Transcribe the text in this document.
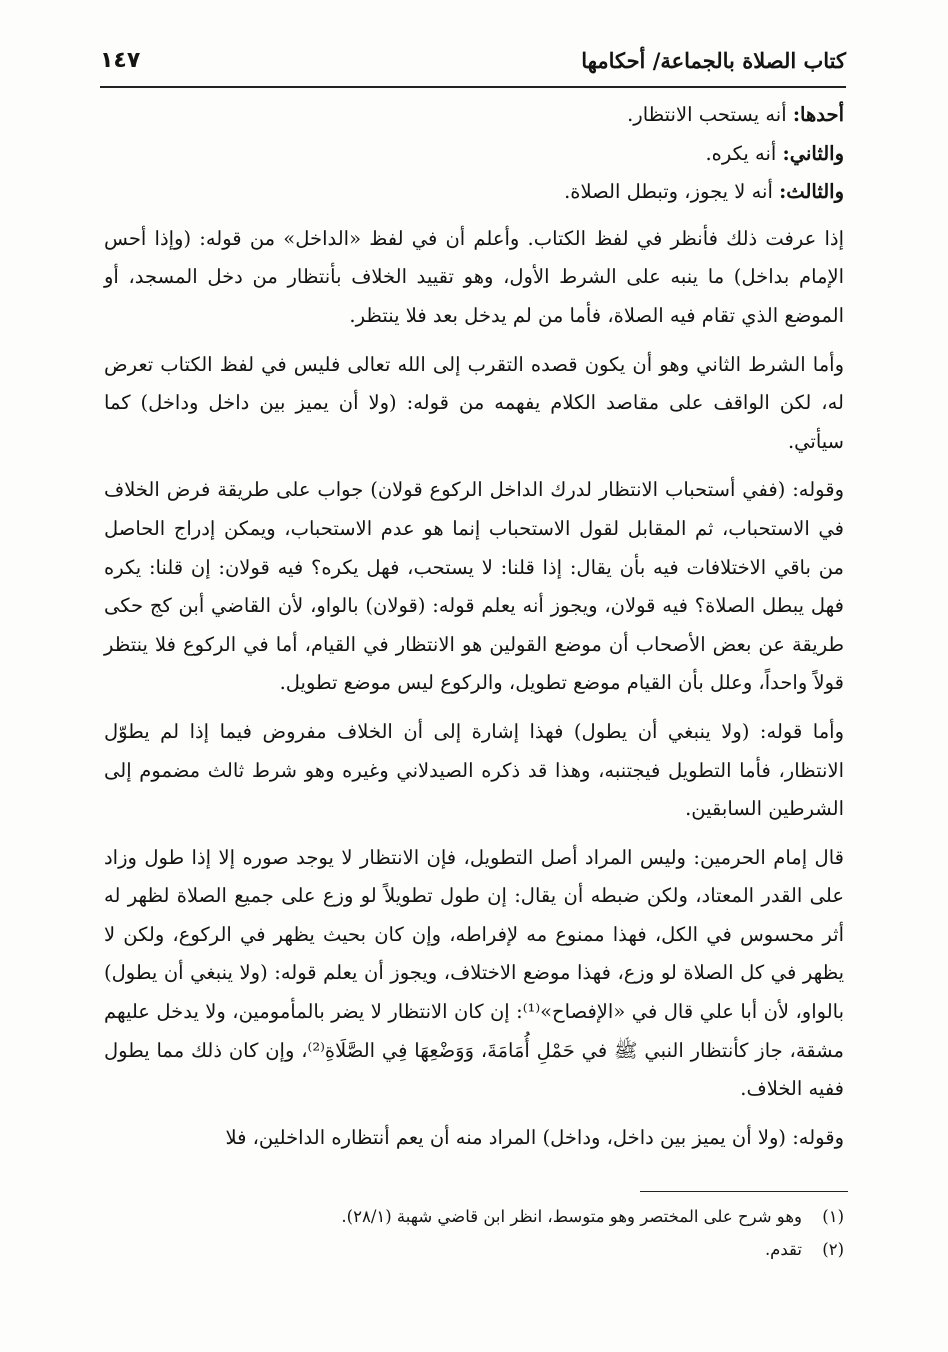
كتاب الصلاة بالجماعة/ أحكامها
١٤٧

أحدها: أنه يستحب الانتظار.

والثاني: أنه يكره.

والثالث: أنه لا يجوز، وتبطل الصلاة.

إذا عرفت ذلك فأنظر في لفظ الكتاب. وأعلم أن في لفظ «الداخل» من قوله: (وإذا أحس الإمام بداخل) ما ينبه على الشرط الأول، وهو تقييد الخلاف بأنتظار من دخل المسجد، أو الموضع الذي تقام فيه الصلاة، فأما من لم يدخل بعد فلا ينتظر.

وأما الشرط الثاني وهو أن يكون قصده التقرب إلى الله تعالى فليس في لفظ الكتاب تعرض له، لكن الواقف على مقاصد الكلام يفهمه من قوله: (ولا أن يميز بين داخل وداخل) كما سيأتي.

وقوله: (ففي أستحباب الانتظار لدرك الداخل الركوع قولان) جواب على طريقة فرض الخلاف في الاستحباب، ثم المقابل لقول الاستحباب إنما هو عدم الاستحباب، ويمكن إدراج الحاصل من باقي الاختلافات فيه بأن يقال: إذا قلنا: لا يستحب، فهل يكره؟ فيه قولان: إن قلنا: يكره فهل يبطل الصلاة؟ فيه قولان، ويجوز أنه يعلم قوله: (قولان) بالواو، لأن القاضي أبن كج حكى طريقة عن بعض الأصحاب أن موضع القولين هو الانتظار في القيام، أما في الركوع فلا ينتظر قولاً واحداً، وعلل بأن القيام موضع تطويل، والركوع ليس موضع تطويل.

وأما قوله: (ولا ينبغي أن يطول) فهذا إشارة إلى أن الخلاف مفروض فيما إذا لم يطوّل الانتظار، فأما التطويل فيجتنبه، وهذا قد ذكره الصيدلاني وغيره وهو شرط ثالث مضموم إلى الشرطين السابقين.

قال إمام الحرمين: وليس المراد أصل التطويل، فإن الانتظار لا يوجد صوره إلا إذا طول وزاد على القدر المعتاد، ولكن ضبطه أن يقال: إن طول تطويلاً لو وزع على جميع الصلاة لظهر له أثر محسوس في الكل، فهذا ممنوع مه لإفراطه، وإن كان بحيث يظهر في الركوع، ولكن لا يظهر في كل الصلاة لو وزع، فهذا موضع الاختلاف، ويجوز أن يعلم قوله: (ولا ينبغي أن يطول) بالواو، لأن أبا علي قال في «الإفصاح»⁽¹⁾: إن كان الانتظار لا يضر بالمأمومين، ولا يدخل عليهم مشقة، جاز كأنتظار النبي ﷺ في حَمْلِ أُمَامَةَ، وَوَضْعِهَا فِي الصَّلَاةِ⁽²⁾، وإن كان ذلك مما يطول ففيه الخلاف.

وقوله: (ولا أن يميز بين داخل، وداخل) المراد منه أن يعم أنتظاره الداخلين، فلا

(١)
وهو شرح على المختصر وهو متوسط، انظر ابن قاضي شهبة (٢٨/١).
(٢)
تقدم.
